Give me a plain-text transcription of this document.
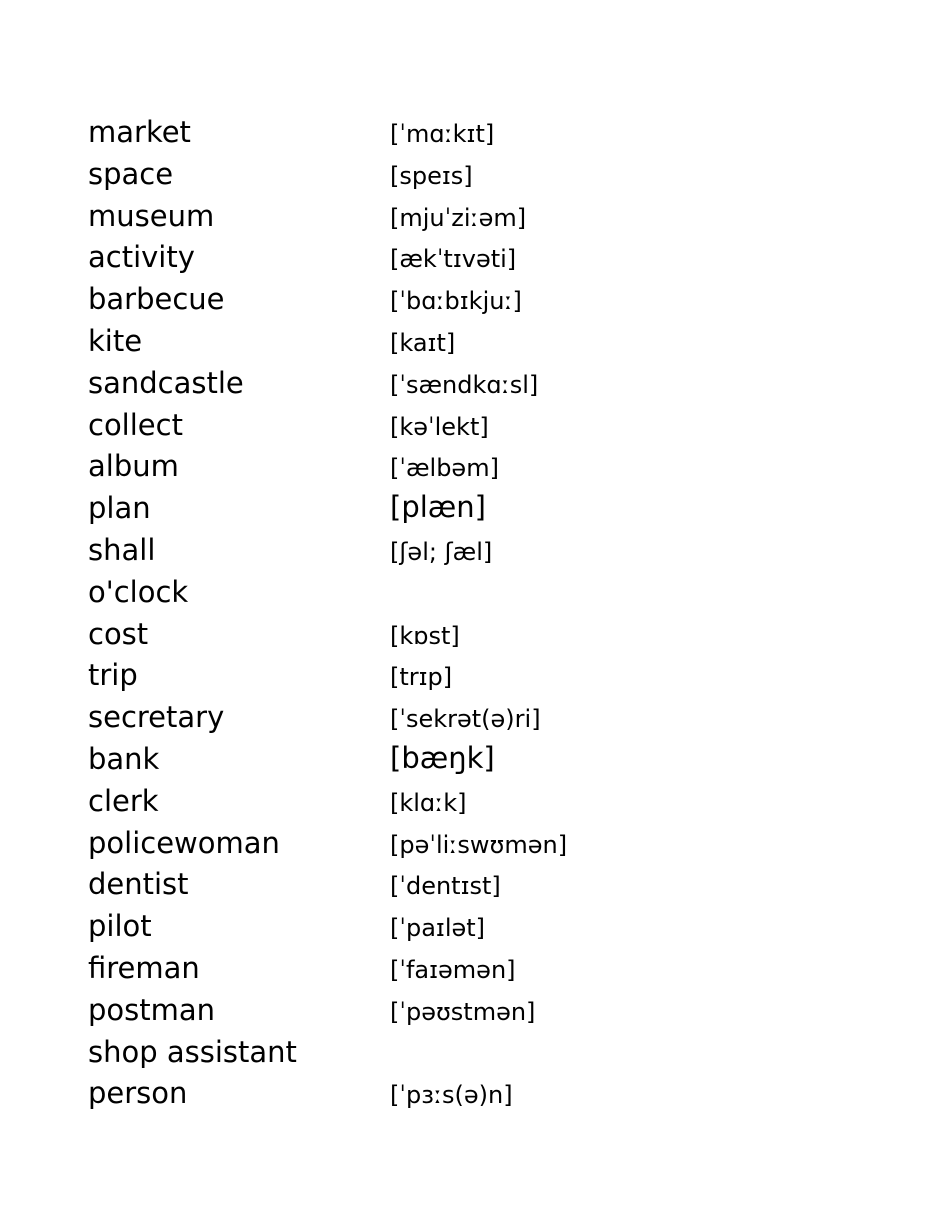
market	[ˈmɑːkɪt]
space	[speɪs]
museum	[mjuˈziːəm]
activity	[ækˈtɪvəti]
barbecue	[ˈbɑːbɪkjuː]
kite	[kaɪt]
sandcastle	[ˈsændkɑːsl]
collect	[kəˈlekt]
album	[ˈælbəm]
plan	[plæn]
shall	[ʃəl; ʃæl]
o'clock
cost	[kɒst]
trip	[trɪp]
secretary	[ˈsekrət(ə)ri]
bank	[bæŋk]
clerk	[klɑːk]
policewoman	[pəˈliːswʊmən]
dentist	[ˈdentɪst]
pilot	[ˈpaɪlət]
fireman	[ˈfaɪəmən]
postman	[ˈpəʊstmən]
shop assistant
person	[ˈpɜːs(ə)n]
